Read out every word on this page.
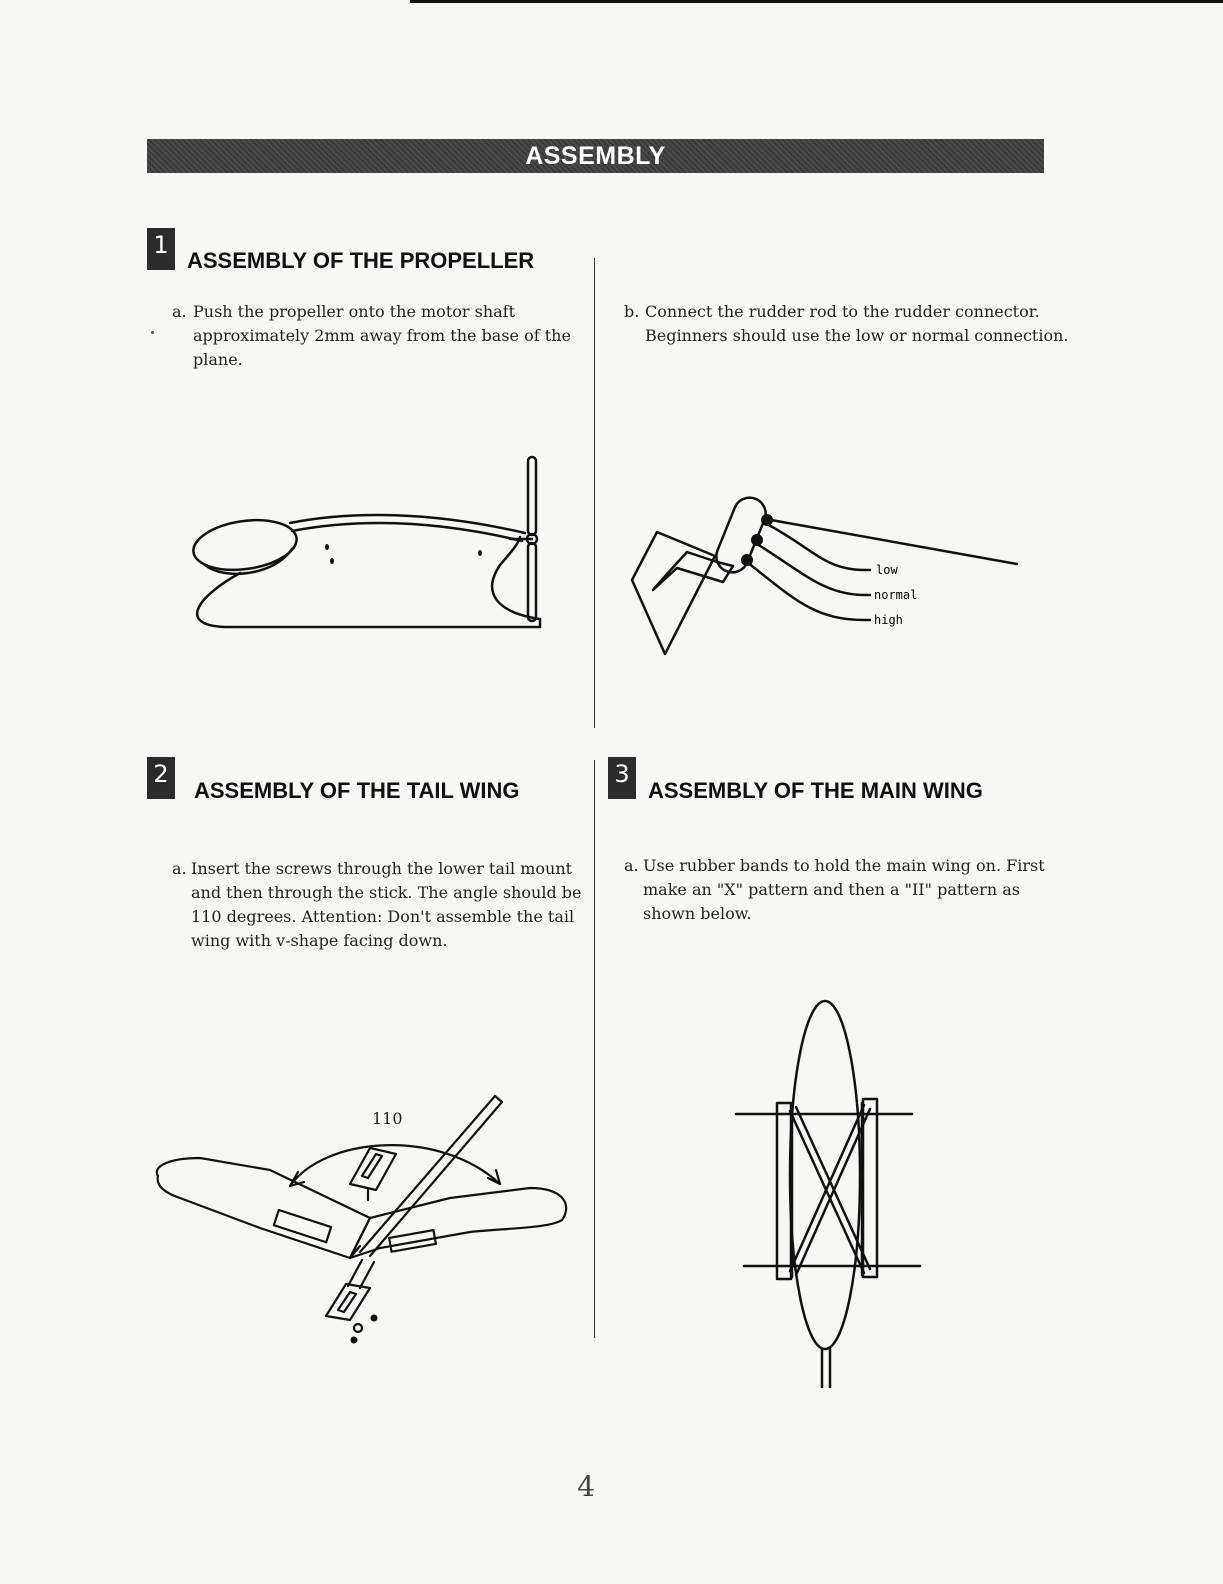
ASSEMBLY
1
ASSEMBLY OF THE PROPELLER
a. Push the propeller onto the motor shaft approximately 2mm away from the base of the plane.
b. Connect the rudder rod to the rudder connector. Beginners should use the low or normal connection.
low
normal
high
2
ASSEMBLY OF THE TAIL WING
a. Insert the screws through the lower tail mount and then through the stick. The angle should be 110 degrees. Attention: Don't assemble the tail wing with v-shape facing down.
110
3
ASSEMBLY OF THE MAIN WING
a. Use rubber bands to hold the main wing on. First make an "X" pattern and then a "II" pattern as shown below.
4
